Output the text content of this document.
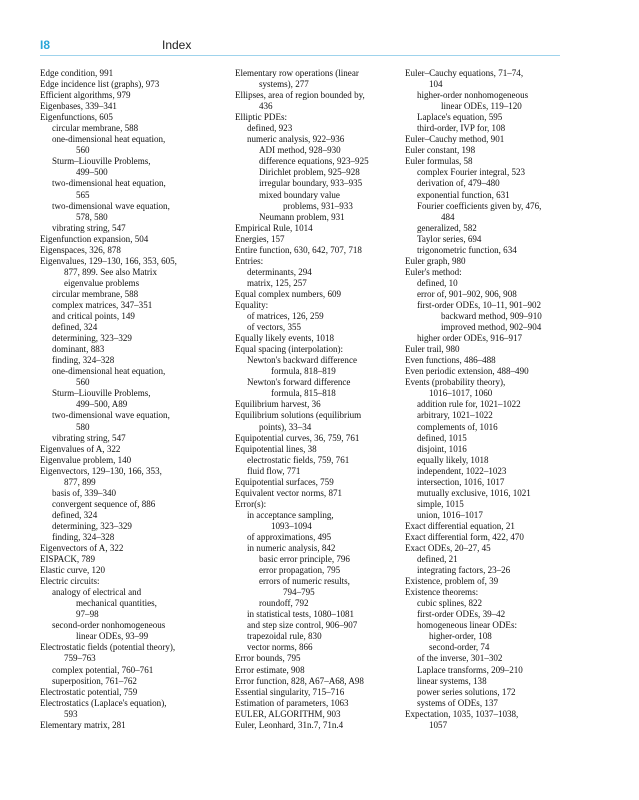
I8	Index
Edge condition, 991
Edge incidence list (graphs), 973
Efficient algorithms, 979
Eigenbases, 339–341
Eigenfunctions, 605
circular membrane, 588
one-dimensional heat equation,
560
Sturm–Liouville Problems,
499–500
two-dimensional heat equation,
565
two-dimensional wave equation,
578, 580
vibrating string, 547
Eigenfunction expansion, 504
Eigenspaces, 326, 878
Eigenvalues, 129–130, 166, 353, 605,
877, 899. See also Matrix
eigenvalue problems
circular membrane, 588
complex matrices, 347–351
and critical points, 149
defined, 324
determining, 323–329
dominant, 883
finding, 324–328
one-dimensional heat equation,
560
Sturm–Liouville Problems,
499–500, A89
two-dimensional wave equation,
580
vibrating string, 547
Eigenvalues of A, 322
Eigenvalue problem, 140
Eigenvectors, 129–130, 166, 353,
877, 899
basis of, 339–340
convergent sequence of, 886
defined, 324
determining, 323–329
finding, 324–328
Eigenvectors of A, 322
EISPACK, 789
Elastic curve, 120
Electric circuits:
analogy of electrical and
mechanical quantities,
97–98
second-order nonhomogeneous
linear ODEs, 93–99
Electrostatic fields (potential theory),
759–763
complex potential, 760–761
superposition, 761–762
Electrostatic potential, 759
Electrostatics (Laplace's equation),
593
Elementary matrix, 281
Elementary row operations (linear
systems), 277
Ellipses, area of region bounded by,
436
Elliptic PDEs:
defined, 923
numeric analysis, 922–936
ADI method, 928–930
difference equations, 923–925
Dirichlet problem, 925–928
irregular boundary, 933–935
mixed boundary value
problems, 931–933
Neumann problem, 931
Empirical Rule, 1014
Energies, 157
Entire function, 630, 642, 707, 718
Entries:
determinants, 294
matrix, 125, 257
Equal complex numbers, 609
Equality:
of matrices, 126, 259
of vectors, 355
Equally likely events, 1018
Equal spacing (interpolation):
Newton's backward difference
formula, 818–819
Newton's forward difference
formula, 815–818
Equilibrium harvest, 36
Equilibrium solutions (equilibrium
points), 33–34
Equipotential curves, 36, 759, 761
Equipotential lines, 38
electrostatic fields, 759, 761
fluid flow, 771
Equipotential surfaces, 759
Equivalent vector norms, 871
Error(s):
in acceptance sampling,
1093–1094
of approximations, 495
in numeric analysis, 842
basic error principle, 796
error propagation, 795
errors of numeric results,
794–795
roundoff, 792
in statistical tests, 1080–1081
and step size control, 906–907
trapezoidal rule, 830
vector norms, 866
Error bounds, 795
Error estimate, 908
Error function, 828, A67–A68, A98
Essential singularity, 715–716
Estimation of parameters, 1063
EULER, ALGORITHM, 903
Euler, Leonhard, 31n.7, 71n.4
Euler–Cauchy equations, 71–74,
104
higher-order nonhomogeneous
linear ODEs, 119–120
Laplace's equation, 595
third-order, IVP for, 108
Euler–Cauchy method, 901
Euler constant, 198
Euler formulas, 58
complex Fourier integral, 523
derivation of, 479–480
exponential function, 631
Fourier coefficients given by, 476,
484
generalized, 582
Taylor series, 694
trigonometric function, 634
Euler graph, 980
Euler's method:
defined, 10
error of, 901–902, 906, 908
first-order ODEs, 10–11, 901–902
backward method, 909–910
improved method, 902–904
higher order ODEs, 916–917
Euler trail, 980
Even functions, 486–488
Even periodic extension, 488–490
Events (probability theory),
1016–1017, 1060
addition rule for, 1021–1022
arbitrary, 1021–1022
complements of, 1016
defined, 1015
disjoint, 1016
equally likely, 1018
independent, 1022–1023
intersection, 1016, 1017
mutually exclusive, 1016, 1021
simple, 1015
union, 1016–1017
Exact differential equation, 21
Exact differential form, 422, 470
Exact ODEs, 20–27, 45
defined, 21
integrating factors, 23–26
Existence, problem of, 39
Existence theorems:
cubic splines, 822
first-order ODEs, 39–42
homogeneous linear ODEs:
higher-order, 108
second-order, 74
of the inverse, 301–302
Laplace transforms, 209–210
linear systems, 138
power series solutions, 172
systems of ODEs, 137
Expectation, 1035, 1037–1038,
1057
